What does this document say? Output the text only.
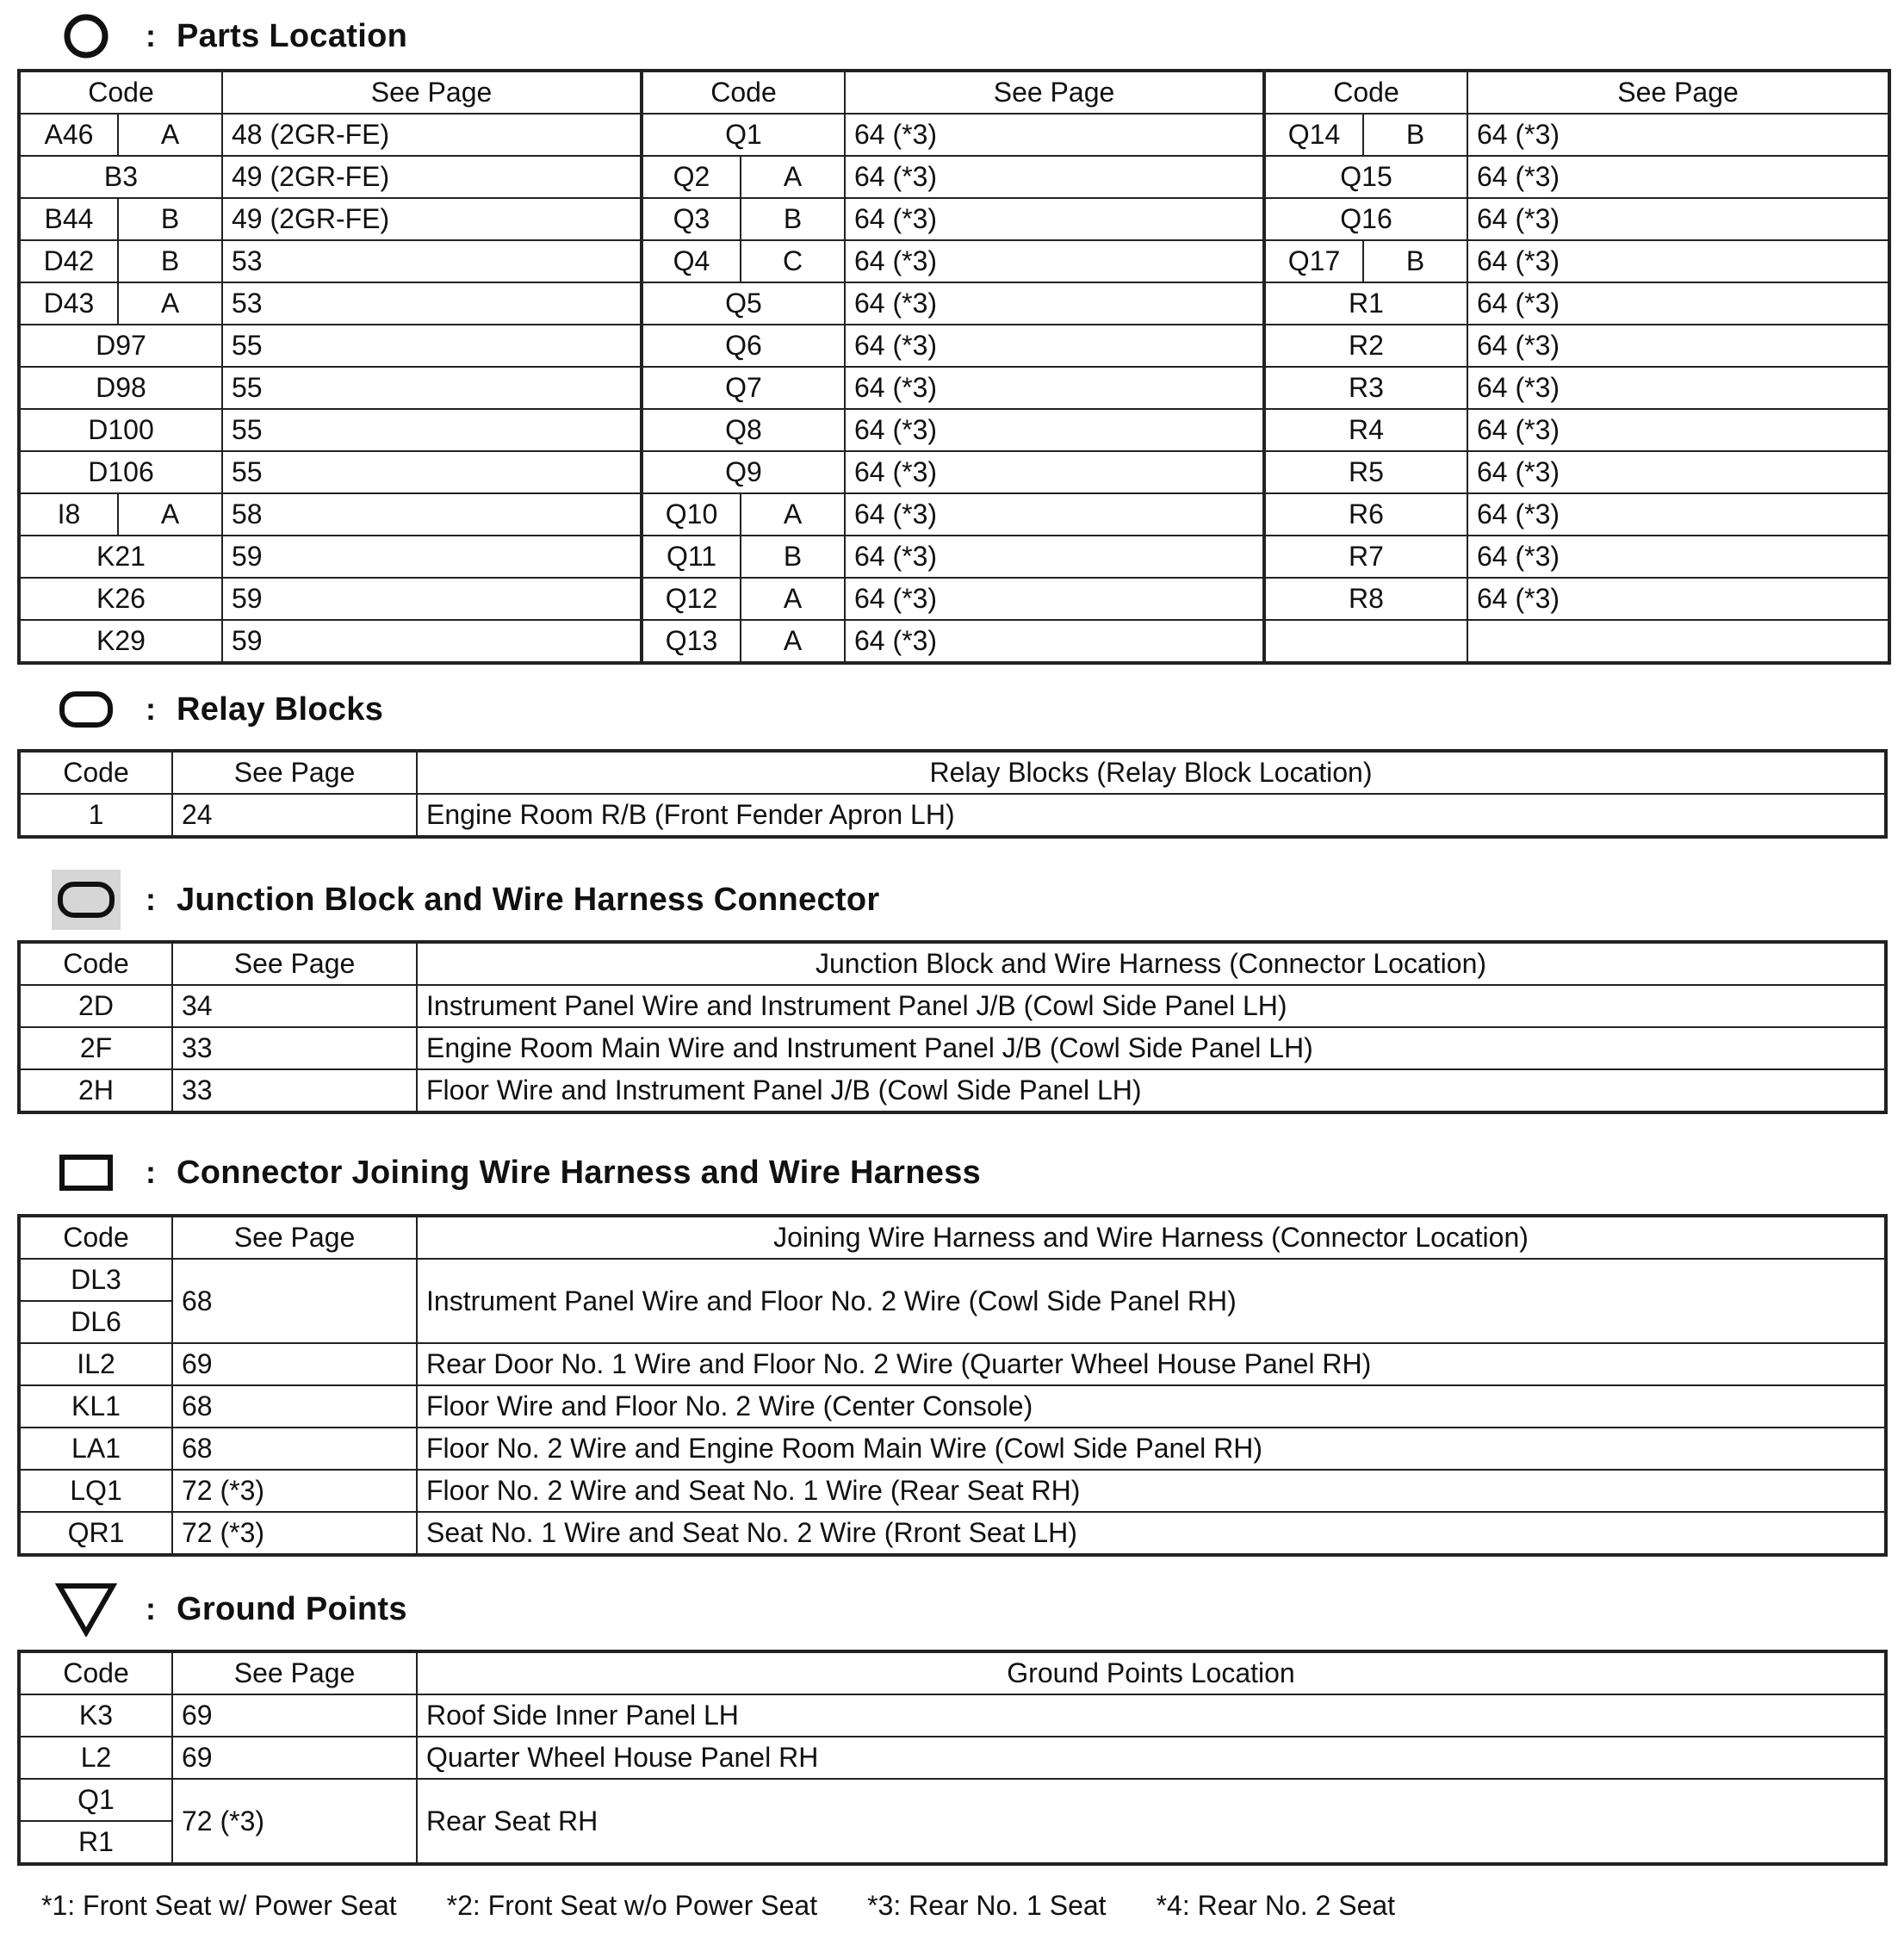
: Parts Location
Code	See Page	Code	See Page	Code	See Page

A46 A	48 (2GR-FE)	Q1	64 (*3)	Q14 B	64 (*3)
B3	49 (2GR-FE)	Q2 A	64 (*3)	Q15	64 (*3)

B44 B	49 (2GR-FE)	Q3 B	64 (*3)	Q16	64 (*3)

D42 B	53	Q4 C	64 (*3)	Q17 B	64 (*3)

D43 A	53	Q5	64 (*3)	R1	64 (*3)
D97	55	Q6	64 (*3)	R2	64 (*3)
D98	55	Q7	64 (*3)	R3	64 (*3)
D100	55	Q8	64 (*3)	R4	64 (*3)
D106	55	Q9	64 (*3)	R5	64 (*3)

I8 A	58	Q10 A	64 (*3)	R6	64 (*3)
K21	59	Q11 B	64 (*3)	R7	64 (*3)
K26	59	Q12 A	64 (*3)	R8	64 (*3)
K29	59	Q13 A	64 (*3)		
: Relay Blocks
Code	See Page	Relay Blocks (Relay Block Location)
1	24	Engine Room R/B (Front Fender Apron LH)
: Junction Block and Wire Harness Connector
Code	See Page	Junction Block and Wire Harness (Connector Location)
2D	34	Instrument Panel Wire and Instrument Panel J/B (Cowl Side Panel LH)
2F	33	Engine Room Main Wire and Instrument Panel J/B (Cowl Side Panel LH)
2H	33	Floor Wire and Instrument Panel J/B (Cowl Side Panel LH)
: Connector Joining Wire Harness and Wire Harness
Code	See Page	Joining Wire Harness and Wire Harness (Connector Location)
DL3	68	Instrument Panel Wire and Floor No. 2 Wire (Cowl Side Panel RH)
DL6		
IL2	69	Rear Door No. 1 Wire and Floor No. 2 Wire (Quarter Wheel House Panel RH)
KL1	68	Floor Wire and Floor No. 2 Wire (Center Console)
LA1	68	Floor No. 2 Wire and Engine Room Main Wire (Cowl Side Panel RH)
LQ1	72 (*3)	Floor No. 2 Wire and Seat No. 1 Wire (Rear Seat RH)
QR1	72 (*3)	Seat No. 1 Wire and Seat No. 2 Wire (Rront Seat LH)
: Ground Points
Code	See Page	Ground Points Location
K3	69	Roof Side Inner Panel LH
L2	69	Quarter Wheel House Panel RH
Q1	72 (*3)	Rear Seat RH
R1		
*1: Front Seat w/ Power Seat *2: Front Seat w/o Power Seat *3: Rear No. 1 Seat *4: Rear No. 2 Seat
